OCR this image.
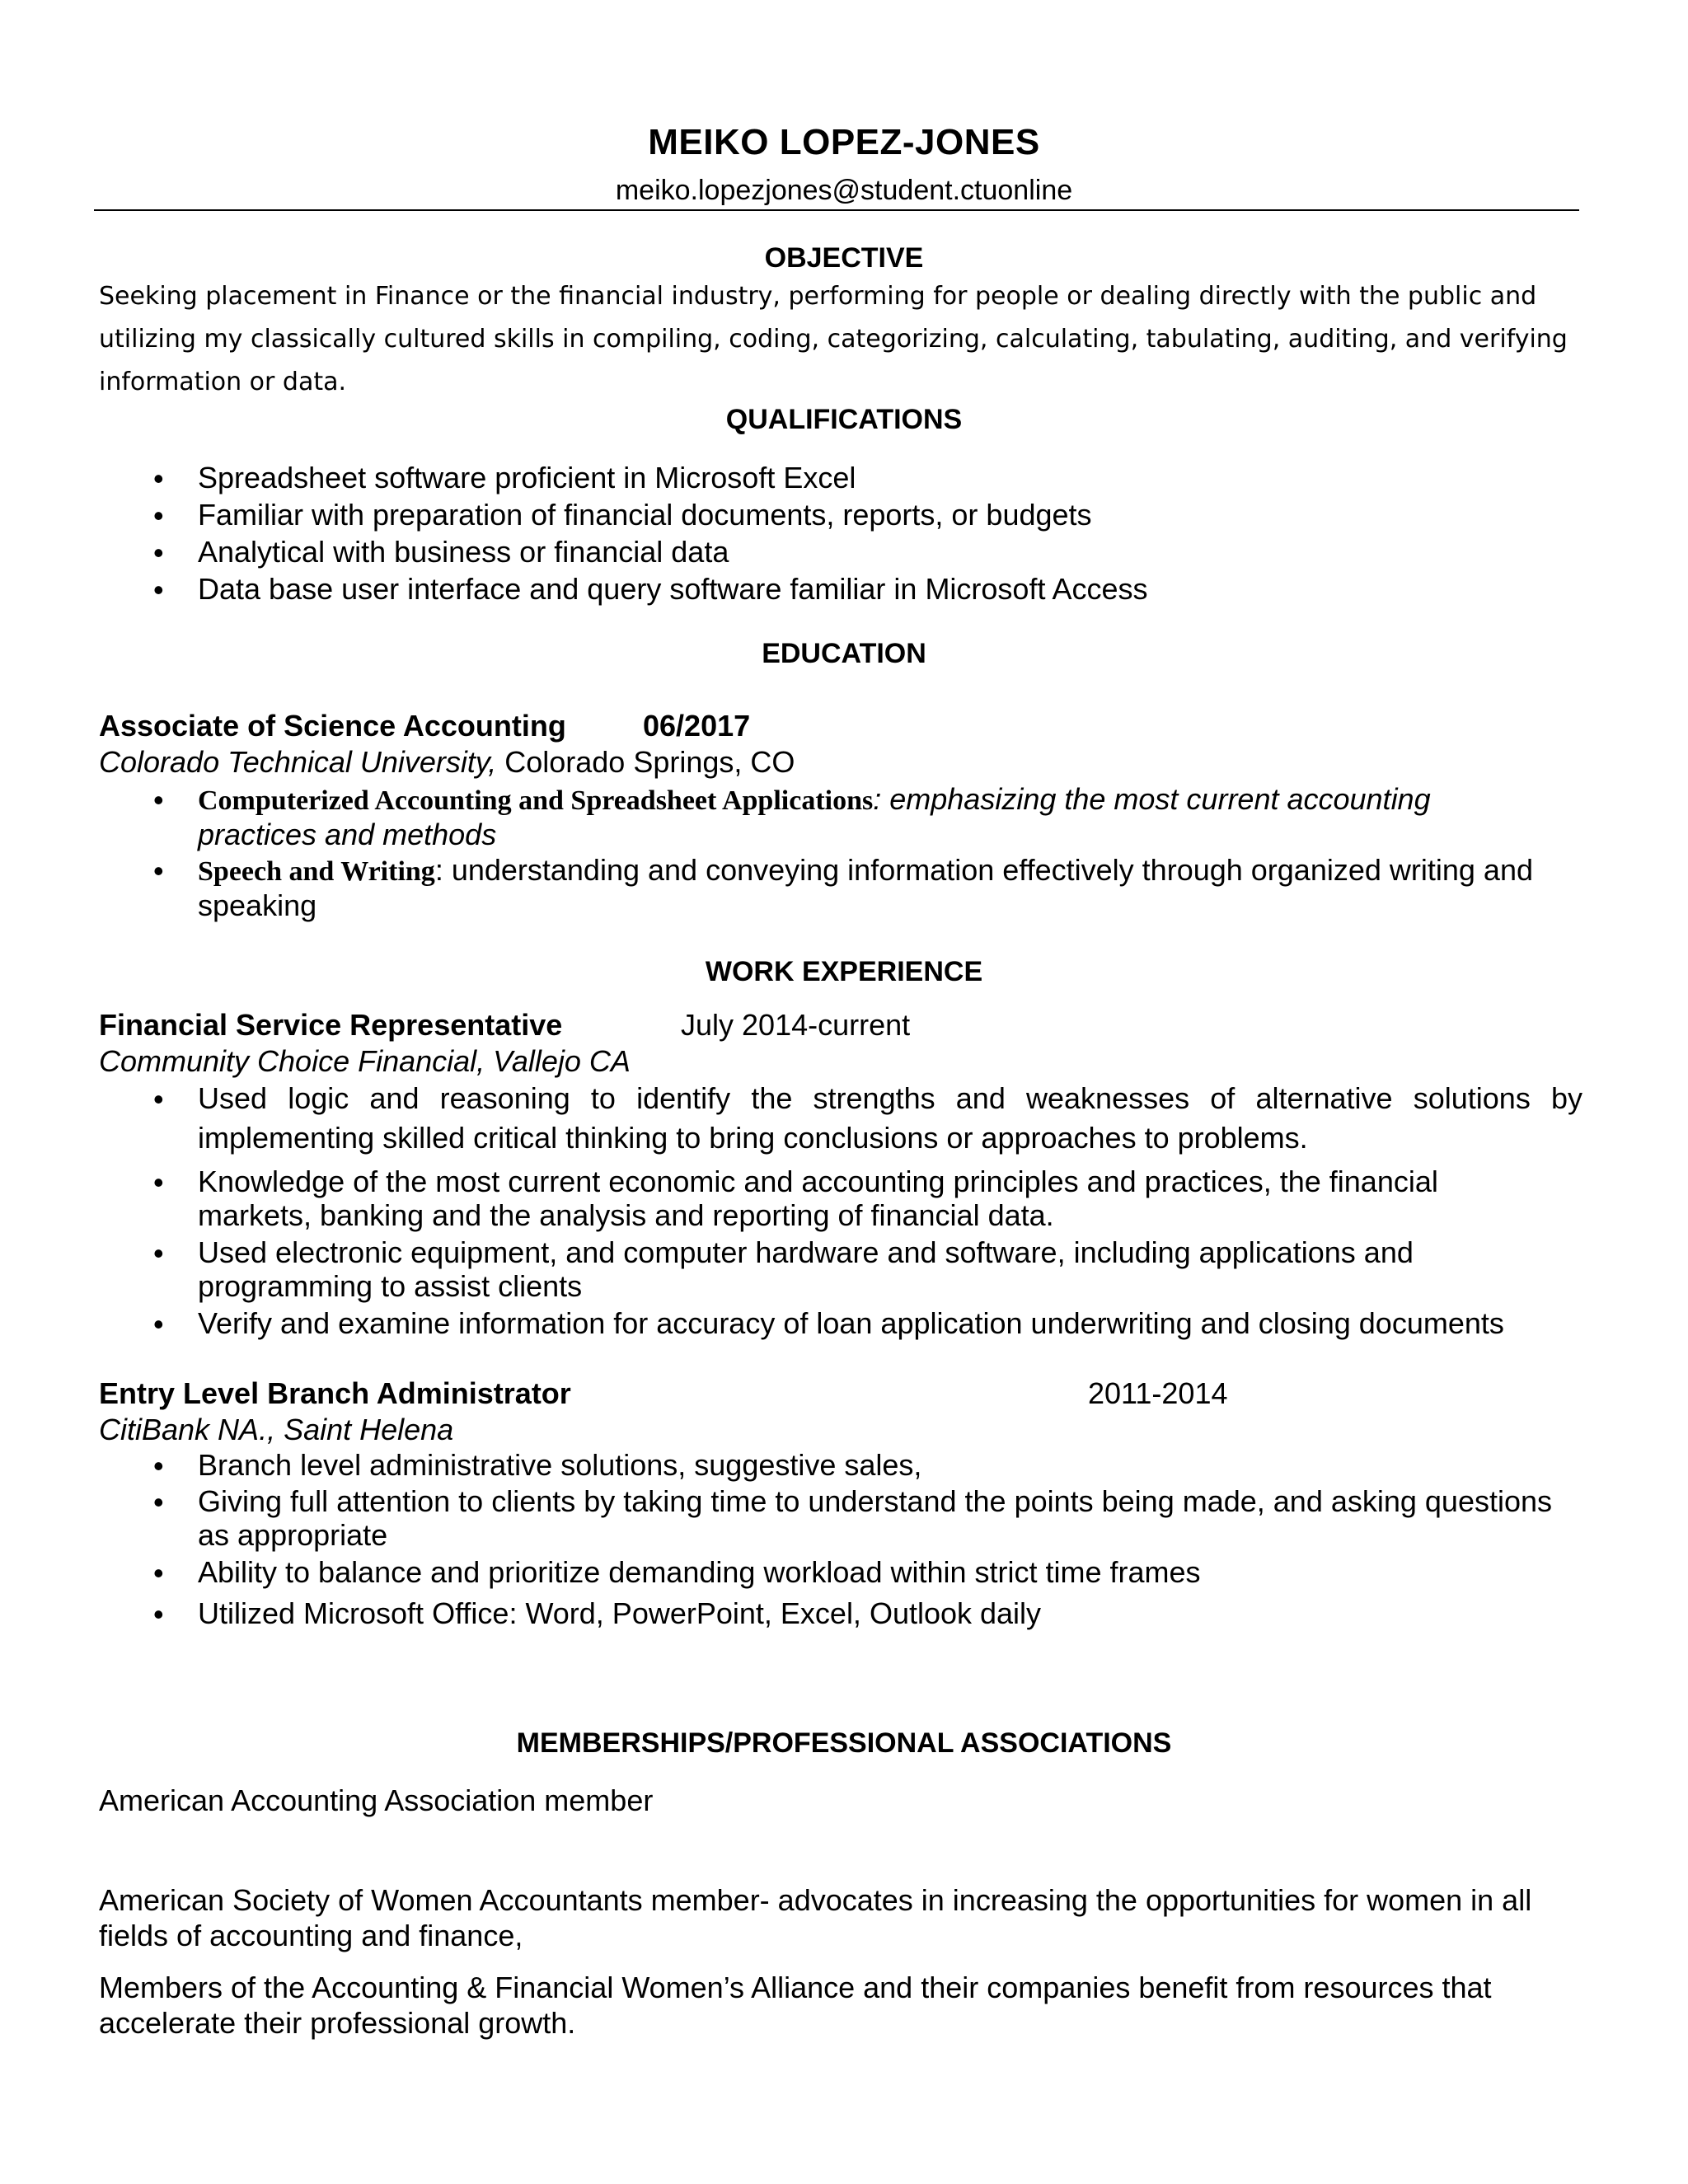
MEIKO LOPEZ-JONES
meiko.lopezjones@student.ctuonline
OBJECTIVE
Seeking placement in Finance or the financial industry, performing for people or dealing directly with the public and utilizing my classically cultured skills in compiling, coding, categorizing, calculating, tabulating, auditing, and verifying information or data.
QUALIFICATIONS
• Spreadsheet software proficient in Microsoft Excel
• Familiar with preparation of financial documents, reports, or budgets
• Analytical with business or financial data
• Data base user interface and query software familiar in Microsoft Access
EDUCATION
Associate of Science Accounting	06/2017
Colorado Technical University, Colorado Springs, CO
• Computerized Accounting and Spreadsheet Applications: emphasizing the most current accounting
practices and methods
• Speech and Writing: understanding and conveying information effectively through organized writing and
speaking
WORK EXPERIENCE
Financial Service Representative	July 2014-current
Community Choice Financial, Vallejo CA
• Used logic and reasoning to identify the strengths and weaknesses of alternative solutions by
implementing skilled critical thinking to bring conclusions or approaches to problems.
• Knowledge of the most current economic and accounting principles and practices, the financial
markets, banking and the analysis and reporting of financial data.
• Used electronic equipment, and computer hardware and software, including applications and
programming to assist clients
• Verify and examine information for accuracy of loan application underwriting and closing documents
Entry Level Branch Administrator	2011-2014
CitiBank NA., Saint Helena
• Branch level administrative solutions, suggestive sales,
• Giving full attention to clients by taking time to understand the points being made, and asking questions
as appropriate
• Ability to balance and prioritize demanding workload within strict time frames
• Utilized Microsoft Office: Word, PowerPoint, Excel, Outlook daily
MEMBERSHIPS/PROFESSIONAL ASSOCIATIONS
American Accounting Association member
American Society of Women Accountants member- advocates in increasing the opportunities for women in all
fields of accounting and finance,
Members of the Accounting & Financial Women’s Alliance and their companies benefit from resources that
accelerate their professional growth.
